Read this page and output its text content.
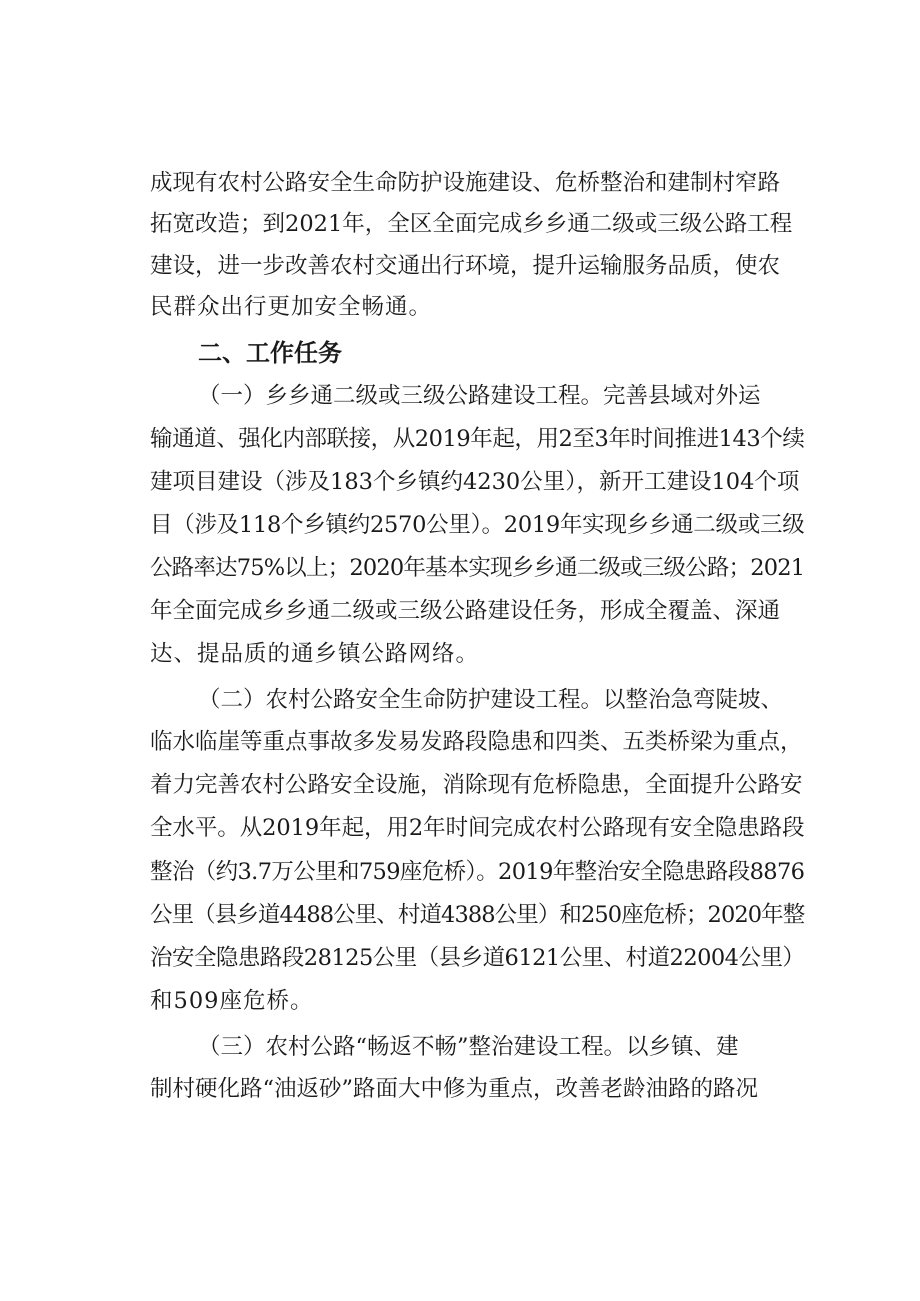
成现有农村公路安全生命防护设施建设、危桥整治和建制村窄路
拓宽改造；到2021年，全区全面完成乡乡通二级或三级公路工程
建设，进一步改善农村交通出行环境，提升运输服务品质，使农
民群众出行更加安全畅通。
二、工作任务
（一）乡乡通二级或三级公路建设工程。完善县域对外运
输通道、强化内部联接，从2019年起，用2至3年时间推进143个续
建项目建设（涉及183个乡镇约4230公里），新开工建设104个项
目（涉及118个乡镇约2570公里）。2019年实现乡乡通二级或三级
公路率达75%以上；2020年基本实现乡乡通二级或三级公路；2021
年全面完成乡乡通二级或三级公路建设任务，形成全覆盖、深通
达、提品质的通乡镇公路网络。
（二）农村公路安全生命防护建设工程。以整治急弯陡坡、
临水临崖等重点事故多发易发路段隐患和四类、五类桥梁为重点，
着力完善农村公路安全设施，消除现有危桥隐患，全面提升公路安
全水平。从2019年起，用2年时间完成农村公路现有安全隐患路段
整治（约3.7万公里和759座危桥）。2019年整治安全隐患路段8876
公里（县乡道4488公里、村道4388公里）和250座危桥；2020年整
治安全隐患路段28125公里（县乡道6121公里、村道22004公里）
和509座危桥。
（三）农村公路“畅返不畅”整治建设工程。以乡镇、建
制村硬化路“油返砂”路面大中修为重点，改善老龄油路的路况
